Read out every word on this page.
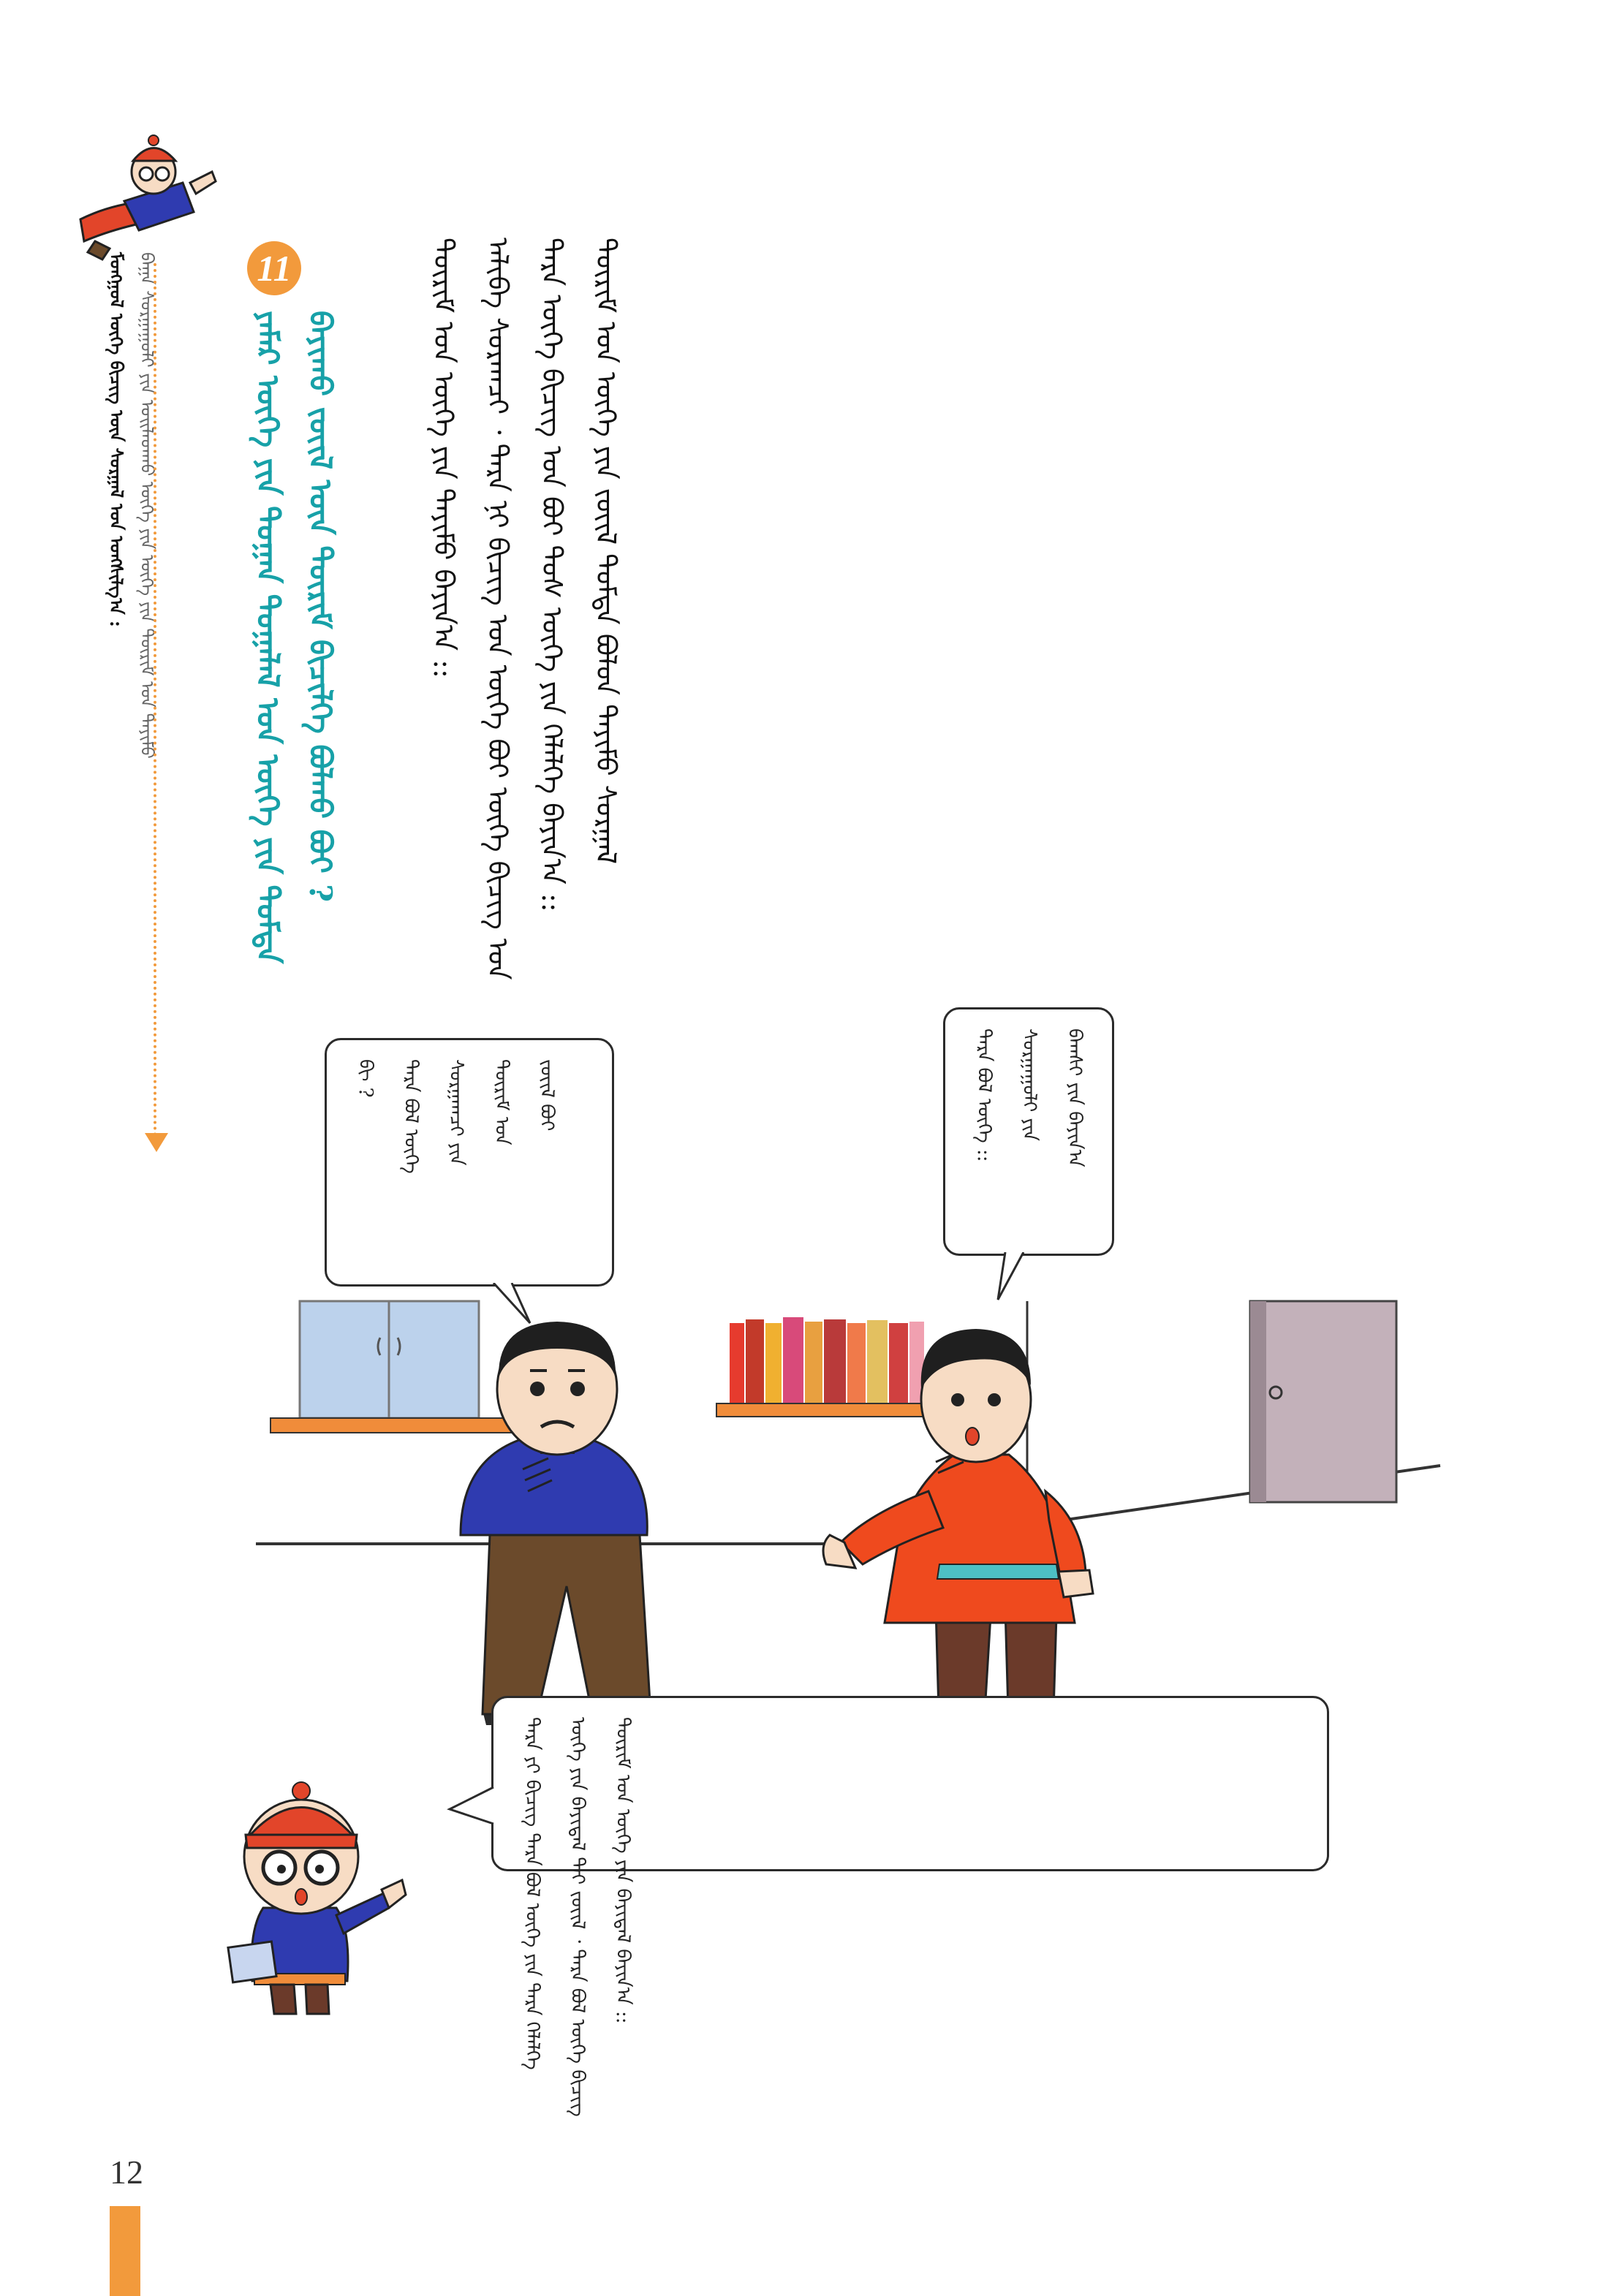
ᠮᠣᠩᠭᠣᠯ ᠦᠭᠡ ᠪᠢᠴᠢᠭ᠌ ᠦᠨ ᠰᠤᠷᠭᠠᠯ ᠤᠨ ᠤᠩᠰᠢᠯᠭ᠎ᠠ : ᠪᠠᠭᠠ ᠰᠤᠷᠭᠠᠭᠤᠯᠢ ᠶᠢᠨ ᠤᠢᠯᠠᠳᠬᠤ ᠦᠭᠡ ᠶᠢᠨ ᠦᠭᠡ ᠶᠢᠨ ᠳᠦᠷᠢᠮ ᠤᠨ ᠲᠡᠶᠢᠮᠦ	11
ᠶᠠᠮᠠᠷ ᠦᠭᠡ ᠶᠢᠨ ᠲᠣᠭᠠᠨ ᠲᠣᠭᠠᠯᠠᠯ ᠤᠨ ᠦᠭᠡ ᠶᠢᠨ ᠳᠤᠮᠳᠠ ᠪᠠᠶᠢᠬᠤ ᠵᠦᠢᠯ ᠦᠨ ᠳᠦᠷᠢᠮ ᠪᠢᠴᠢᠯᠭᠡ ᠪᠣᠯᠬᠤ ᠪᠤᠢ ?	ᠳᠦᠷᠢᠮ ᠤᠨ ᠦᠭᠡ ᠶᠢᠨ ᠲᠡᠶᠢᠮᠦ ᠪᠠᠶᠢᠨ᠎ᠠ :: ᠠᠯᠢᠪᠠ ᠰᠤᠷᠠᠭᠴᠢ ᠂ ᠲᠡᠷᠡ ᠨᠢ ᠪᠢᠴᠢᠭ᠌ ᠤᠨ ᠦᠭᠡ ᠪᠤᠢ ᠦᠭᠡ ᠪᠢᠴᠢᠭ᠌ ᠤᠨ ᠲᠡᠷᠡ ᠦᠭᠡ ᠪᠢᠴᠢᠭ᠌ ᠤᠨ ᠪᠤᠢ ᠲᠤᠰ ᠦᠭᠡ ᠶᠢᠨ ᠬᠡᠯᠡᠯᠭᠡ ᠪᠠᠶᠢᠨ᠎ᠠ :: ᠳᠦᠷᠢᠮ ᠤᠨ ᠦᠭᠡ ᠶᠢᠨ ᠵᠦᠢᠯ ᠳᠤᠮᠳᠠ ᠪᠣᠯᠤᠨ ᠲᠡᠶᠢᠮᠦ ᠰᠤᠷᠭᠠᠯ
ᠪᠢ ?	ᠲᠡᠷᠡ ᠪᠤᠯ ᠦᠭᠡ	ᠰᠤᠷᠭᠠᠭᠴᠢ ᠶᠢᠨ	ᠳᠦᠷᠢᠮ ᠤᠨ	ᠵᠦᠢᠯ ᠪᠤᠢ	ᠲᠡᠷᠡ ᠪᠤᠯ ᠦᠭᠡ ::	ᠰᠤᠷᠭᠠᠭᠤᠯᠢ ᠶᠢᠨ	ᠪᠠᠭᠰᠢ ᠶᠢᠨ ᠪᠠᠶᠢᠨ᠎ᠠ
ᠲᠡᠷᠡ ᠶᠢ ᠪᠢᠴᠢᠭ᠌ ᠲᠡᠷᠡ ᠪᠤᠯ ᠦᠭᠡ ᠶᠢᠨ ᠲᠡᠷᠡ ᠬᠡᠯᠡᠯᠭᠡ	ᠦᠭᠡ ᠶᠢᠨ ᠪᠠᠶᠢᠳᠠᠯ ᠲᠠᠢ ᠵᠦᠢᠯ ᠂ ᠲᠡᠷᠡ ᠪᠤᠯ ᠦᠭᠡ ᠪᠢᠴᠢᠭ᠌	ᠳᠦᠷᠢᠮ ᠤᠨ ᠦᠭᠡ ᠶᠢᠨ ᠪᠠᠶᠢᠳᠠᠯ ᠪᠠᠶᠢᠨ᠎ᠠ ::
12
